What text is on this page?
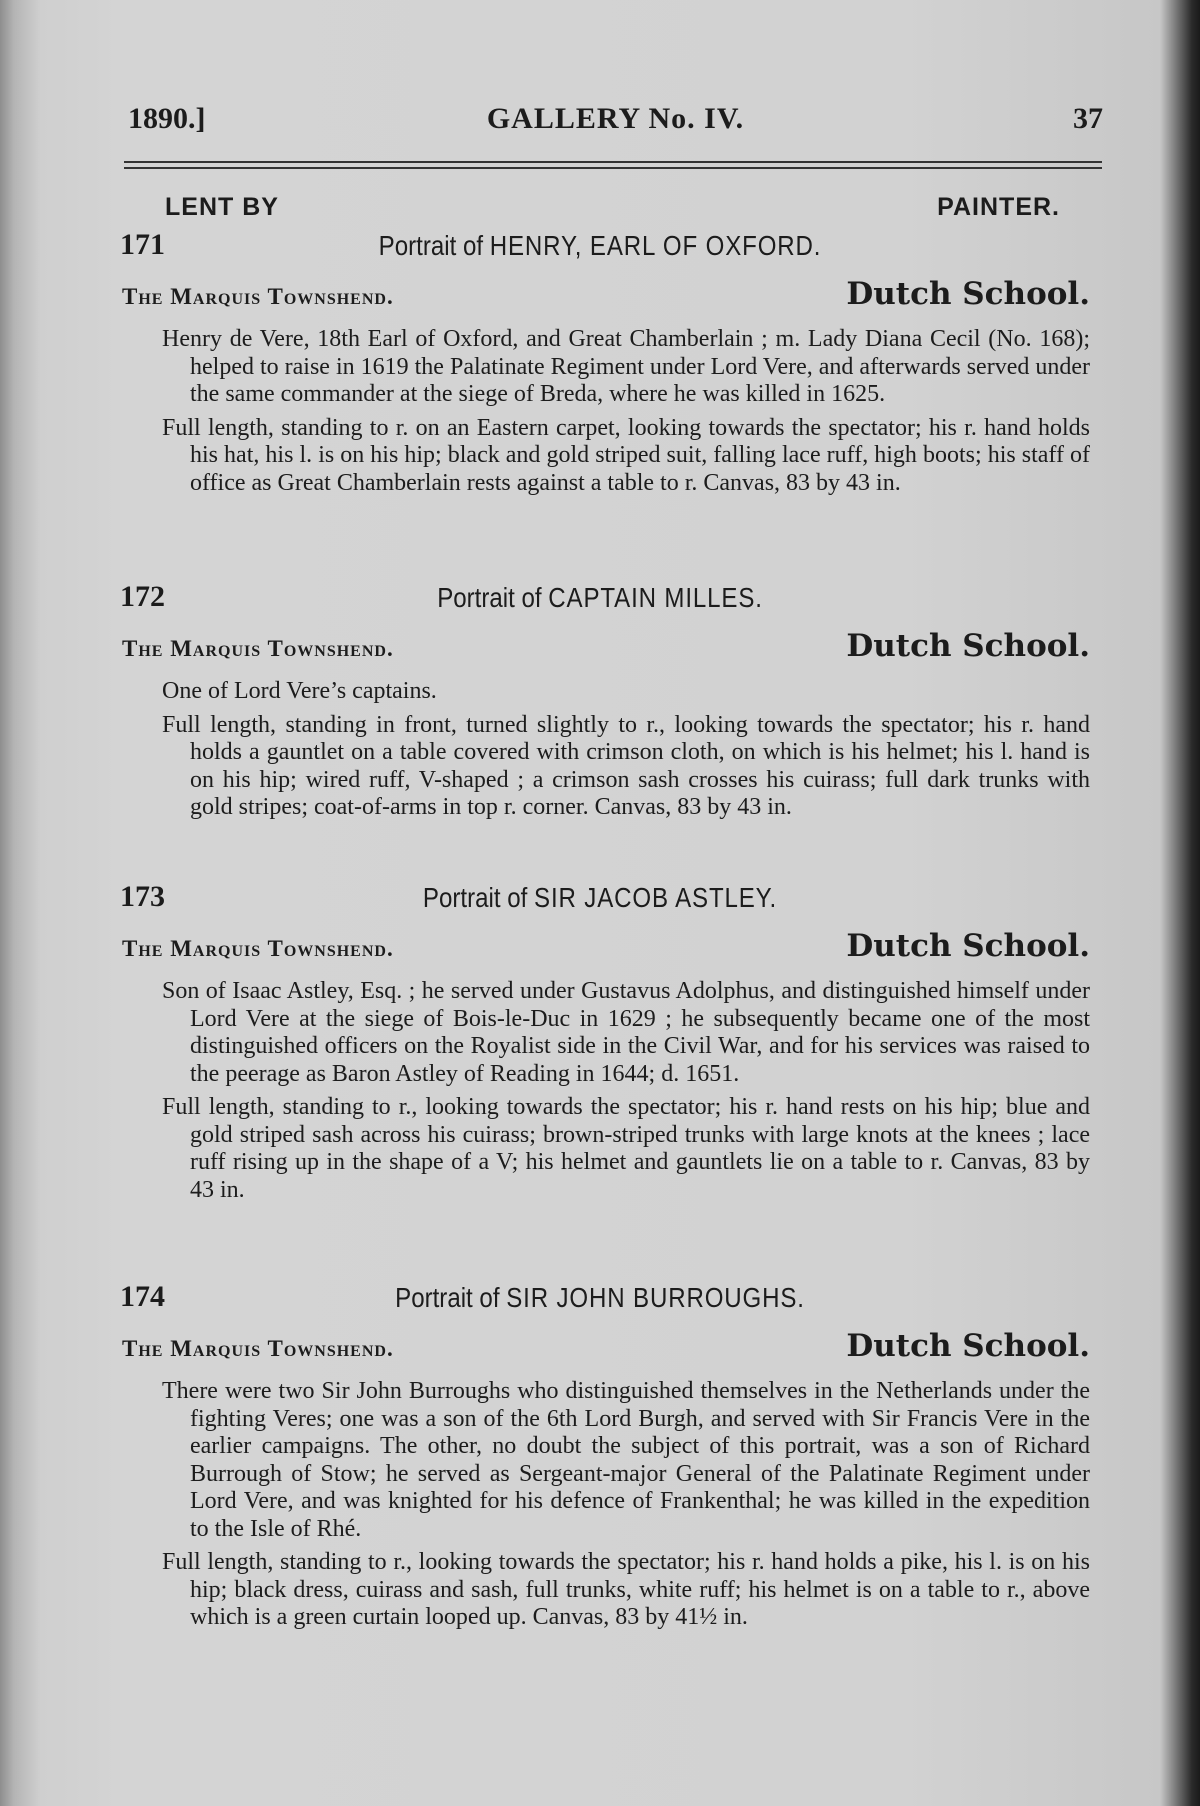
1890.]	GALLERY No. IV.	37
LENT BY	PAINTER.
171	Portrait of HENRY, EARL OF OXFORD.
The Marquis Townshend.	Dutch School.

Henry de Vere, 18th Earl of Oxford, and Great Chamberlain ; m. Lady Diana Cecil (No. 168); helped to raise in 1619 the Palatinate Regiment under Lord Vere, and afterwards served under the same commander at the siege of Breda, where he was killed in 1625.

Full length, standing to r. on an Eastern carpet, looking towards the spectator; his r. hand holds his hat, his l. is on his hip; black and gold striped suit, falling lace ruff, high boots; his staff of office as Great Chamberlain rests against a table to r. Canvas, 83 by 43 in.

172	Portrait of CAPTAIN MILLES.
The Marquis Townshend.	Dutch School.

One of Lord Vere’s captains.

Full length, standing in front, turned slightly to r., looking towards the spectator; his r. hand holds a gauntlet on a table covered with crimson cloth, on which is his helmet; his l. hand is on his hip; wired ruff, V-shaped ; a crimson sash crosses his cuirass; full dark trunks with gold stripes; coat-of-arms in top r. corner. Canvas, 83 by 43 in.

173	Portrait of SIR JACOB ASTLEY.
The Marquis Townshend.	Dutch School.

Son of Isaac Astley, Esq. ; he served under Gustavus Adolphus, and distinguished himself under Lord Vere at the siege of Bois-le-Duc in 1629 ; he subsequently became one of the most distinguished officers on the Royalist side in the Civil War, and for his services was raised to the peerage as Baron Astley of Reading in 1644; d. 1651.

Full length, standing to r., looking towards the spectator; his r. hand rests on his hip; blue and gold striped sash across his cuirass; brown-striped trunks with large knots at the knees ; lace ruff rising up in the shape of a V; his helmet and gauntlets lie on a table to r. Canvas, 83 by 43 in.

174	Portrait of SIR JOHN BURROUGHS.
The Marquis Townshend.	Dutch School.

There were two Sir John Burroughs who distinguished themselves in the Netherlands under the fighting Veres; one was a son of the 6th Lord Burgh, and served with Sir Francis Vere in the earlier campaigns. The other, no doubt the subject of this portrait, was a son of Richard Burrough of Stow; he served as Sergeant-major General of the Palatinate Regiment under Lord Vere, and was knighted for his defence of Frankenthal; he was killed in the expedition to the Isle of Rhé.

Full length, standing to r., looking towards the spectator; his r. hand holds a pike, his l. is on his hip; black dress, cuirass and sash, full trunks, white ruff; his helmet is on a table to r., above which is a green curtain looped up. Canvas, 83 by 41½ in.
